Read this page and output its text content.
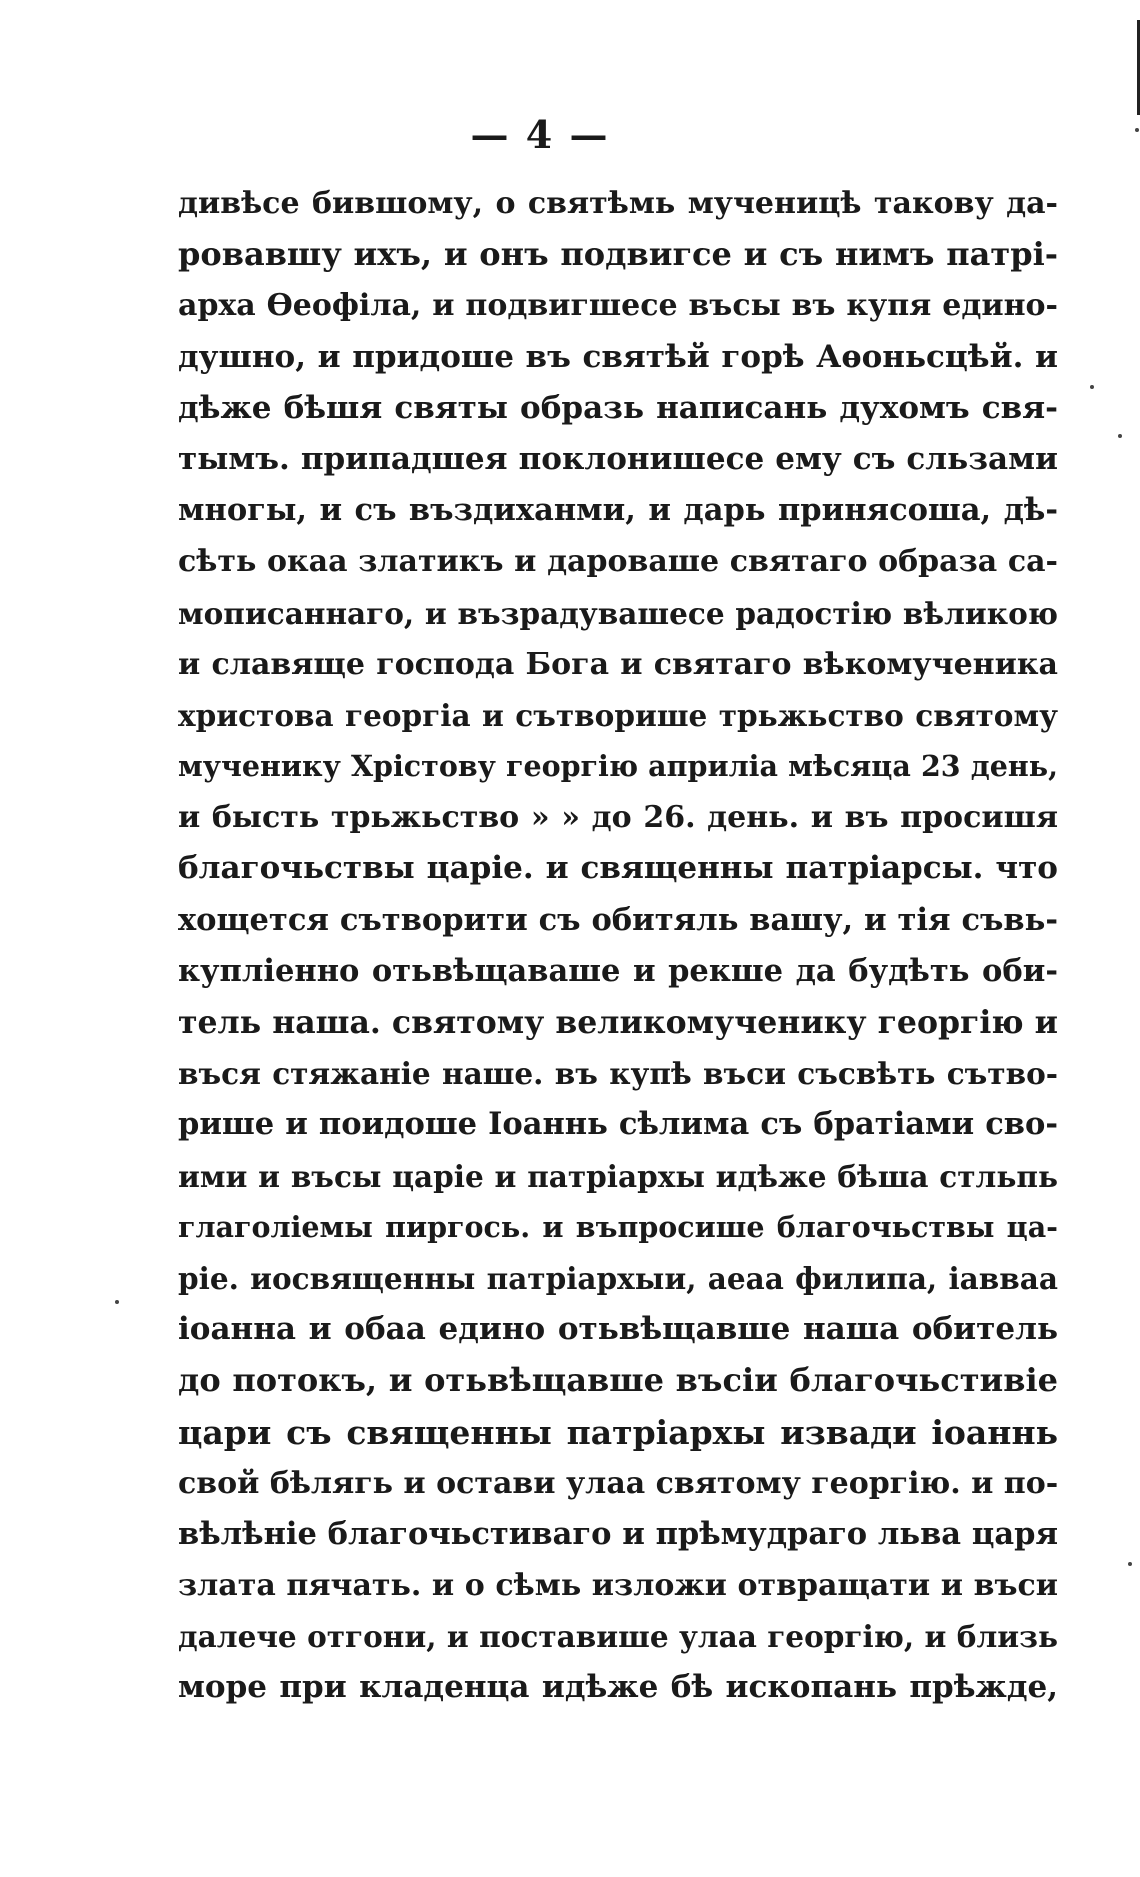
— 4 —
дивѣсе бившому, о святѣмь мученицѣ такову да-
ровавшу ихъ, и онъ подвигсе и съ нимъ патрі-
арха Ѳеофіла, и подвигшесе въсы въ купя едино-
душно, и придоше въ святѣй горѣ Аѳоньсцѣй. и
дѣже бѣшя святы образь написань духомъ свя-
тымъ. припадшея поклонишесе ему съ сльзами
многы, и съ въздиханми, и дарь принясоша, дѣ-
сѣть окаа златикъ и дароваше святаго образа са-
мописаннаго, и възрадувашесе радостію вѣликою
и славяще господа Бога и святаго вѣкомученика
христова георгіа и сътворише трьжьство святому
мученику Хрістову георгію априліа мѣсяца 23 день,
и бысть трьжьство » » до 26. день. и въ просишя
благочьствы царіе. и священны патріарсы. что
хощется сътворити съ обитяль вашу, и тія съвь-
купліенно отьвѣщаваше и рекше да будѣть оби-
тель наша. святому великомученику георгію и
въся стяжаніе наше. въ купѣ въси съсвѣть сътво-
рише и поидоше Іоаннь сѣлима съ братіами сво-
ими и въсы царіе и патріархы идѣже бѣша стльпь
глаголіемы пиргось. и въпросише благочьствы ца-
ріе. иосвященны патріархыи, аеаа филипа, іавваа
іоанна и обаа едино отьвѣщавше наша обитель
до потокъ, и отьвѣщавше въсіи благочьстивіе
цари съ священны патріархы извади іоаннь
свой бѣлягь и остави улаа святому георгію. и по-
вѣлѣніе благочьстиваго и прѣмудраго льва царя
злата пячать. и о сѣмь изложи отвращати и въси
далече отгони, и поставише улаа георгію, и близь
море при кладенца идѣже бѣ ископань прѣжде,
